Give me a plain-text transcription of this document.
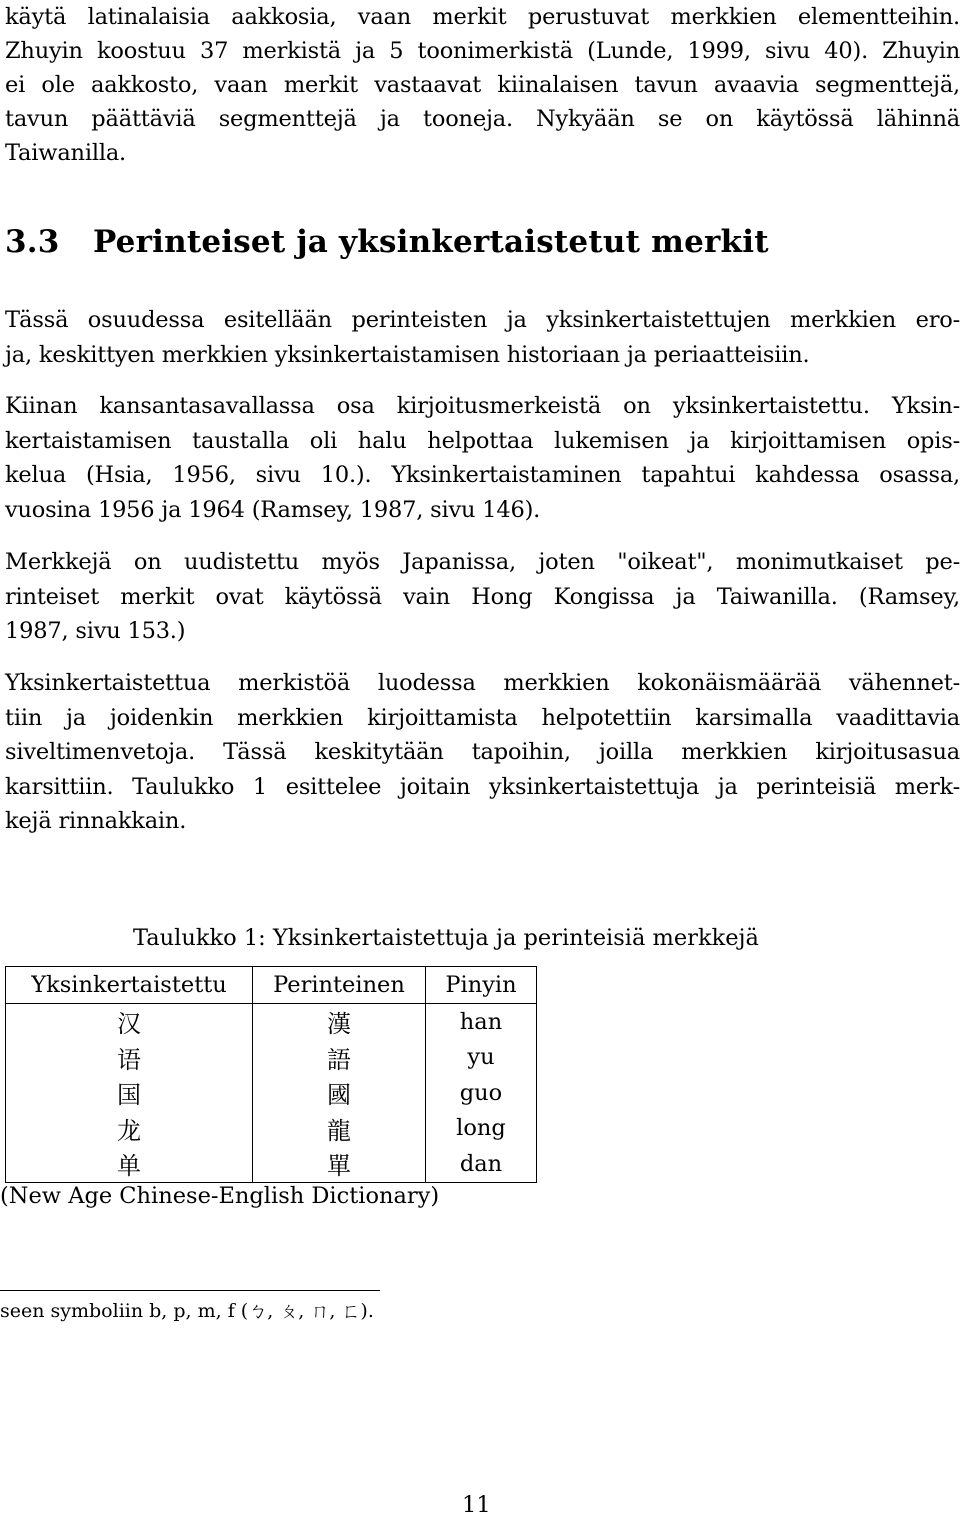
käytä latinalaisia aakkosia, vaan merkit perustuvat merkkien elementteihin.
Zhuyin koostuu 37 merkistä ja 5 toonimerkistä (Lunde, 1999, sivu 40). Zhuyin
ei ole aakkosto, vaan merkit vastaavat kiinalaisen tavun avaavia segmenttejä,
tavun päättäviä segmenttejä ja tooneja. Nykyään se on käytössä lähinnä
Taiwanilla.

3.3 Perinteiset ja yksinkertaistetut merkit

Tässä osuudessa esitellään perinteisten ja yksinkertaistettujen merkkien ero-
ja, keskittyen merkkien yksinkertaistamisen historiaan ja periaatteisiin.

Kiinan kansantasavallassa osa kirjoitusmerkeistä on yksinkertaistettu. Yksin-
kertaistamisen taustalla oli halu helpottaa lukemisen ja kirjoittamisen opis-
kelua (Hsia, 1956, sivu 10.). Yksinkertaistaminen tapahtui kahdessa osassa,
vuosina 1956 ja 1964 (Ramsey, 1987, sivu 146).

Merkkejä on uudistettu myös Japanissa, joten "oikeat", monimutkaiset pe-
rinteiset merkit ovat käytössä vain Hong Kongissa ja Taiwanilla. (Ramsey,
1987, sivu 153.)

Yksinkertaistettua merkistöä luodessa merkkien kokonäismäärää vähennet-
tiin ja joidenkin merkkien kirjoittamista helpotettiin karsimalla vaadittavia
siveltimenvetoja. Tässä keskitytään tapoihin, joilla merkkien kirjoitusasua
karsittiin. Taulukko 1 esittelee joitain yksinkertaistettuja ja perinteisiä merk-
kejä rinnakkain.

Taulukko 1: Yksinkertaistettuja ja perinteisiä merkkejä

Yksinkertaistettu	Perinteinen	Pinyin
汉	漢	han
语	語	yu
国	國	guo
龙	龍	long
单	單	dan

(New Age Chinese-English Dictionary)

seen symboliin b, p, m, f (ㄅ, ㄆ, ㄇ, ㄈ).

11
